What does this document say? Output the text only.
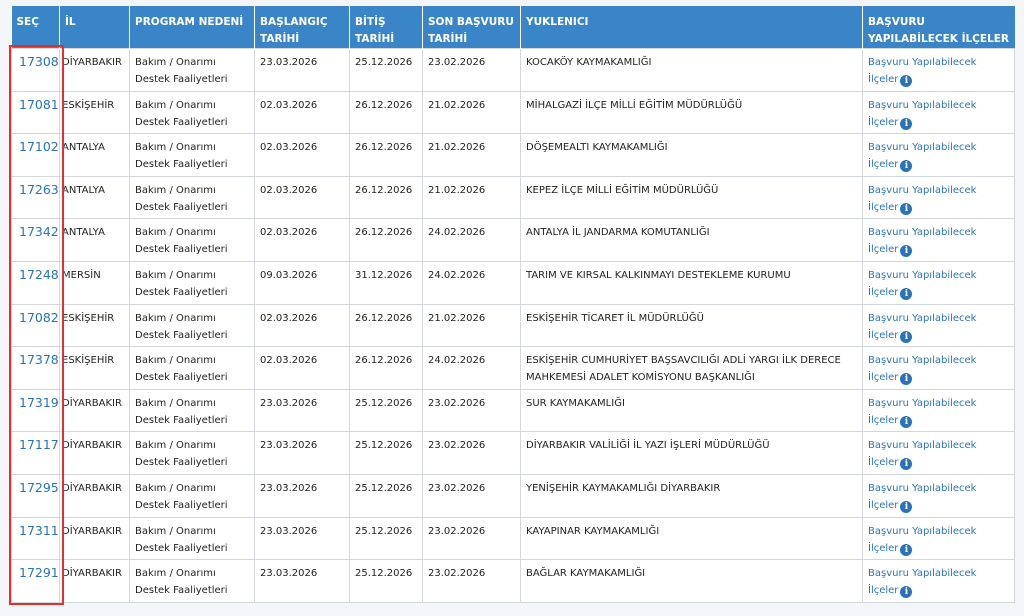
SEÇ	İL	PROGRAM NEDENİ	BAŞLANGIÇ TARİHİ	BİTİŞ TARİHİ	SON BAŞVURU TARİHİ	YUKLENICI	BAŞVURU YAPILABİLECEK İLÇELER
17308	DİYARBAKIR	Bakım / Onarımı Destek Faaliyetleri	23.03.2026	25.12.2026	23.02.2026	KOCAKÖY KAYMAKAMLIĞI	Başvuru Yapılabilecek İlçeler i
17081	ESKİŞEHİR	Bakım / Onarımı Destek Faaliyetleri	02.03.2026	26.12.2026	21.02.2026	MİHALGAZİ İLÇE MİLLİ EĞİTİM MÜDÜRLÜĞÜ	Başvuru Yapılabilecek İlçeler i
17102	ANTALYA	Bakım / Onarımı Destek Faaliyetleri	02.03.2026	26.12.2026	21.02.2026	DÖŞEMEALTI KAYMAKAMLIĞI	Başvuru Yapılabilecek İlçeler i
17263	ANTALYA	Bakım / Onarımı Destek Faaliyetleri	02.03.2026	26.12.2026	21.02.2026	KEPEZ İLÇE MİLLİ EĞİTİM MÜDÜRLÜĞÜ	Başvuru Yapılabilecek İlçeler i
17342	ANTALYA	Bakım / Onarımı Destek Faaliyetleri	02.03.2026	26.12.2026	24.02.2026	ANTALYA İL JANDARMA KOMUTANLIĞI	Başvuru Yapılabilecek İlçeler i
17248	MERSİN	Bakım / Onarımı Destek Faaliyetleri	09.03.2026	31.12.2026	24.02.2026	TARIM VE KIRSAL KALKINMAYI DESTEKLEME KURUMU	Başvuru Yapılabilecek İlçeler i
17082	ESKİŞEHİR	Bakım / Onarımı Destek Faaliyetleri	02.03.2026	26.12.2026	21.02.2026	ESKİŞEHİR TİCARET İL MÜDÜRLÜĞÜ	Başvuru Yapılabilecek İlçeler i
17378	ESKİŞEHİR	Bakım / Onarımı Destek Faaliyetleri	02.03.2026	26.12.2026	24.02.2026	ESKİŞEHİR CUMHURİYET BAŞSAVCILIĞI ADLİ YARGI İLK DERECE MAHKEMESİ ADALET KOMİSYONU BAŞKANLIĞI	Başvuru Yapılabilecek İlçeler i
17319	DİYARBAKIR	Bakım / Onarımı Destek Faaliyetleri	23.03.2026	25.12.2026	23.02.2026	SUR KAYMAKAMLIĞI	Başvuru Yapılabilecek İlçeler i
17117	DİYARBAKIR	Bakım / Onarımı Destek Faaliyetleri	23.03.2026	25.12.2026	23.02.2026	DİYARBAKIR VALİLİĞİ İL YAZI İŞLERİ MÜDÜRLÜĞÜ	Başvuru Yapılabilecek İlçeler i
17295	DİYARBAKIR	Bakım / Onarımı Destek Faaliyetleri	23.03.2026	25.12.2026	23.02.2026	YENİŞEHİR KAYMAKAMLIĞI DİYARBAKIR	Başvuru Yapılabilecek İlçeler i
17311	DİYARBAKIR	Bakım / Onarımı Destek Faaliyetleri	23.03.2026	25.12.2026	23.02.2026	KAYAPINAR KAYMAKAMLIĞI	Başvuru Yapılabilecek İlçeler i
17291	DİYARBAKIR	Bakım / Onarımı Destek Faaliyetleri	23.03.2026	25.12.2026	23.02.2026	BAĞLAR KAYMAKAMLIĞI	Başvuru Yapılabilecek İlçeler i
